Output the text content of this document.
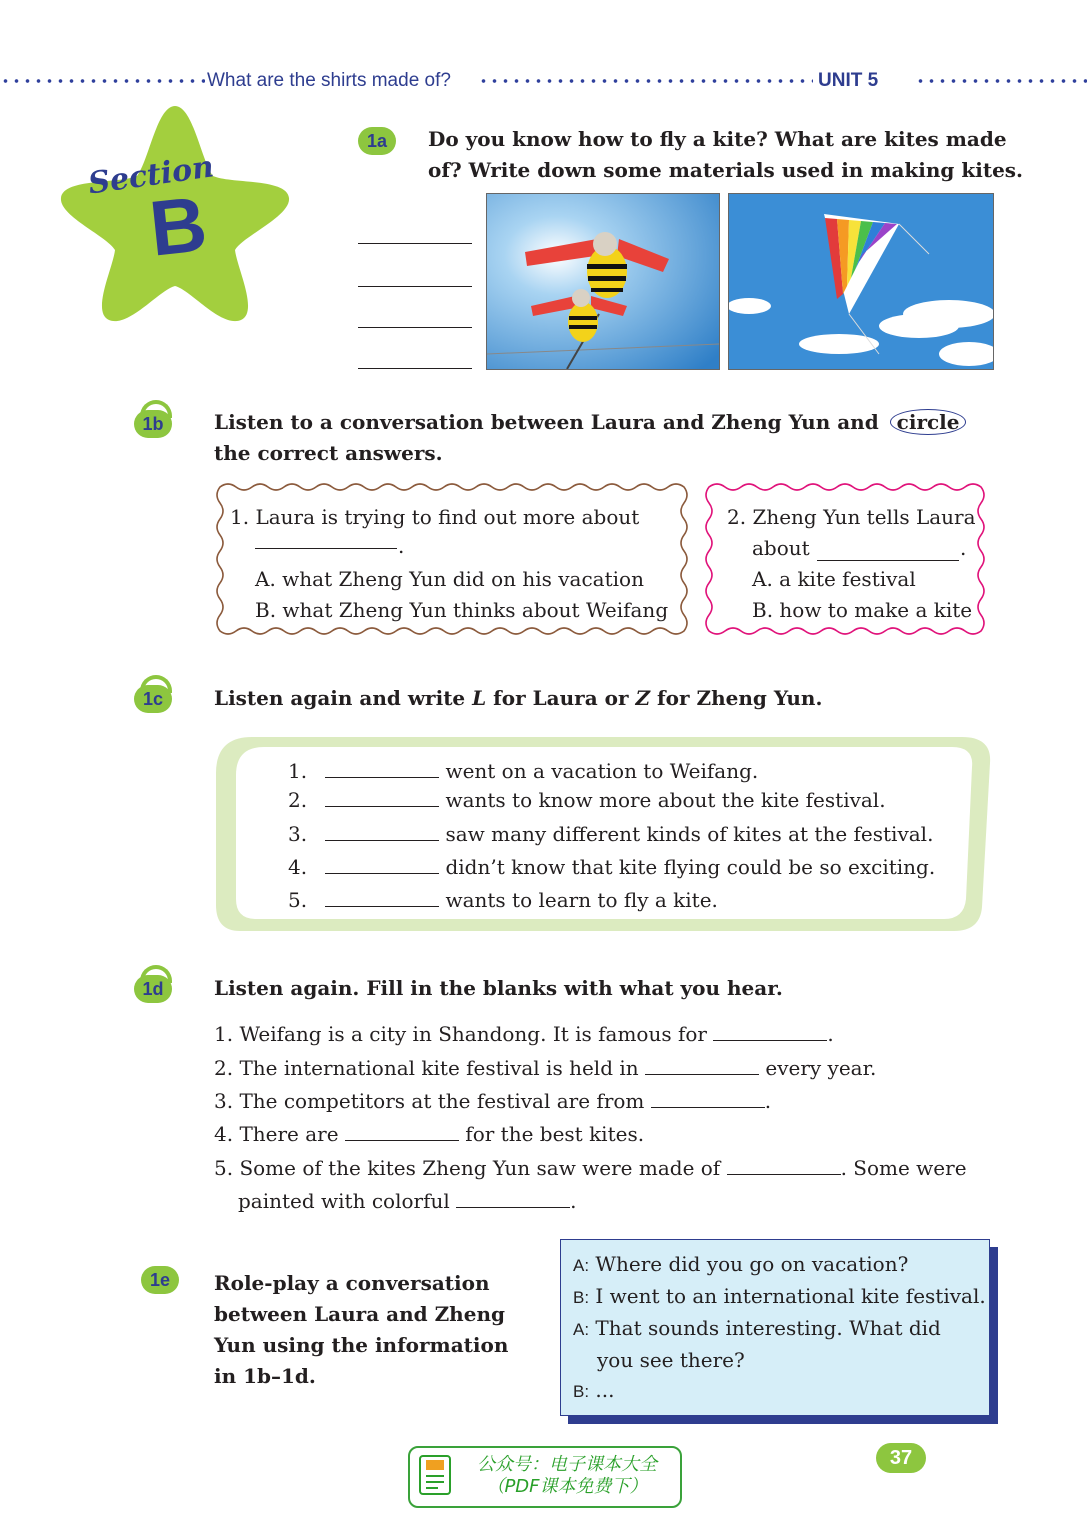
What are the shirts made of?	UNIT 5
Section
B
1a	Do you know how to fly a kite? What are kites made
of? Write down some materials used in making kites.
1b	Listen to a conversation between Laura and Zheng Yun and circle
the correct answers.
1. Laura is trying to find out more about
.
A. what Zheng Yun did on his vacation
B. what Zheng Yun thinks about Weifang
2. Zheng Yun tells Laura
about	.
A. a kite festival
B. how to make a kite
1c	Listen again and write L for Laura or Z for Zheng Yun.
1.	went on a vacation to Weifang.
2.	wants to know more about the kite festival.
3.	saw many different kinds of kites at the festival.
4.	didn’t know that kite flying could be so exciting.
5.	wants to learn to fly a kite.
1d	Listen again. Fill in the blanks with what you hear.
1. Weifang is a city in Shandong. It is famous for	.
2. The international kite festival is held in	every year.
3. The competitors at the festival are from	.
4. There are	for the best kites.
5. Some of the kites Zheng Yun saw were made of	. Some were
painted with colorful	.
1e	Role-play a conversation
between Laura and Zheng
Yun using the information
in 1b–1d.
A: Where did you go on vacation?
B: I went to an international kite festival.
A: That sounds interesting. What did
you see there?
B: ...
公众号：电子课本大全
（PDF课本免费下）
37
